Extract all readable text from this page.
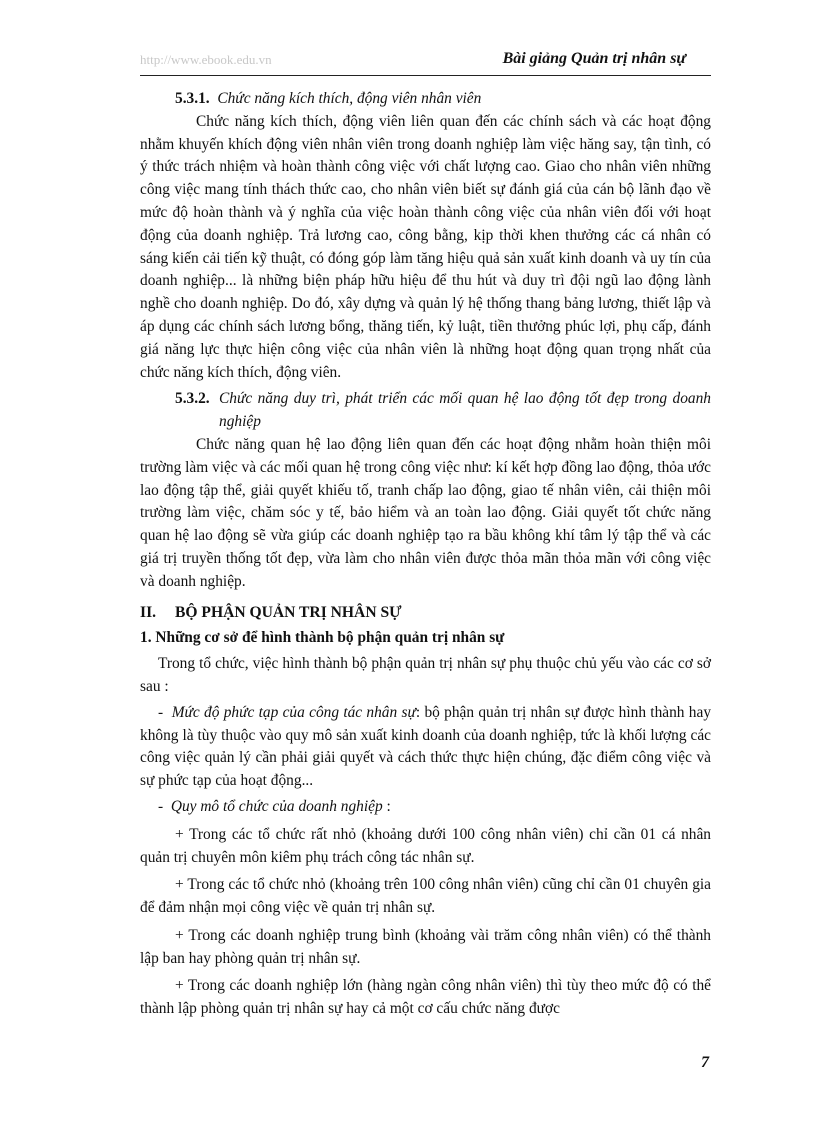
http://www.ebook.edu.vn	Bài giảng Quản trị nhân sự

5.3.1. Chức năng kích thích, động viên nhân viên

Chức năng kích thích, động viên liên quan đến các chính sách và các hoạt động nhằm khuyến khích động viên nhân viên trong doanh nghiệp làm việc hăng say, tận tình, có ý thức trách nhiệm và hoàn thành công việc với chất lượng cao. Giao cho nhân viên những công việc mang tính thách thức cao, cho nhân viên biết sự đánh giá của cán bộ lãnh đạo về mức độ hoàn thành và ý nghĩa của việc hoàn thành công việc của nhân viên đối với hoạt động của doanh nghiệp. Trả lương cao, công bằng, kịp thời khen thưởng các cá nhân có sáng kiến cải tiến kỹ thuật, có đóng góp làm tăng hiệu quả sản xuất kinh doanh và uy tín của doanh nghiệp... là những biện pháp hữu hiệu để thu hút và duy trì đội ngũ lao động lành nghề cho doanh nghiệp. Do đó, xây dựng và quản lý hệ thống thang bảng lương, thiết lập và áp dụng các chính sách lương bổng, thăng tiến, kỷ luật, tiền thưởng phúc lợi, phụ cấp, đánh giá năng lực thực hiện công việc của nhân viên là những hoạt động quan trọng nhất của chức năng kích thích, động viên.

5.3.2. Chức năng duy trì, phát triển các mối quan hệ lao động tốt đẹp trong doanh nghiệp

Chức năng quan hệ lao động liên quan đến các hoạt động nhằm hoàn thiện môi trường làm việc và các mối quan hệ trong công việc như: kí kết hợp đồng lao động, thỏa ước lao động tập thể, giải quyết khiếu tố, tranh chấp lao động, giao tế nhân viên, cải thiện môi trường làm việc, chăm sóc y tế, bảo hiểm và an toàn lao động. Giải quyết tốt chức năng quan hệ lao động sẽ vừa giúp các doanh nghiệp tạo ra bầu không khí tâm lý tập thể và các giá trị truyền thống tốt đẹp, vừa làm cho nhân viên được thỏa mãn thỏa mãn với công việc và doanh nghiệp.

II. BỘ PHẬN QUẢN TRỊ NHÂN SỰ

1. Những cơ sở để hình thành bộ phận quản trị nhân sự

Trong tổ chức, việc hình thành bộ phận quản trị nhân sự phụ thuộc chủ yếu vào các cơ sở sau :

-  Mức độ phức tạp của công tác nhân sự: bộ phận quản trị nhân sự được hình thành hay không là tùy thuộc vào quy mô sản xuất kinh doanh của doanh nghiệp, tức là khối lượng các công việc quản lý cần phải giải quyết và cách thức thực hiện chúng, đặc điểm công việc và sự phức tạp của hoạt động...

-  Quy mô tổ chức của doanh nghiệp :

+ Trong các tổ chức rất nhỏ (khoảng dưới 100 công nhân viên) chỉ cần 01 cá nhân quản trị chuyên môn kiêm phụ trách công tác nhân sự.

+ Trong các tổ chức nhỏ (khoảng trên 100 công nhân viên) cũng chỉ cần 01 chuyên gia để đảm nhận mọi công việc về quản trị nhân sự.

+ Trong các doanh nghiệp trung bình (khoảng vài trăm công nhân viên) có thể thành lập ban hay phòng quản trị nhân sự.

+ Trong các doanh nghiệp lớn (hàng ngàn công nhân viên) thì tùy theo mức độ có thể thành lập phòng quản trị nhân sự hay cả một cơ cấu chức năng được

7
